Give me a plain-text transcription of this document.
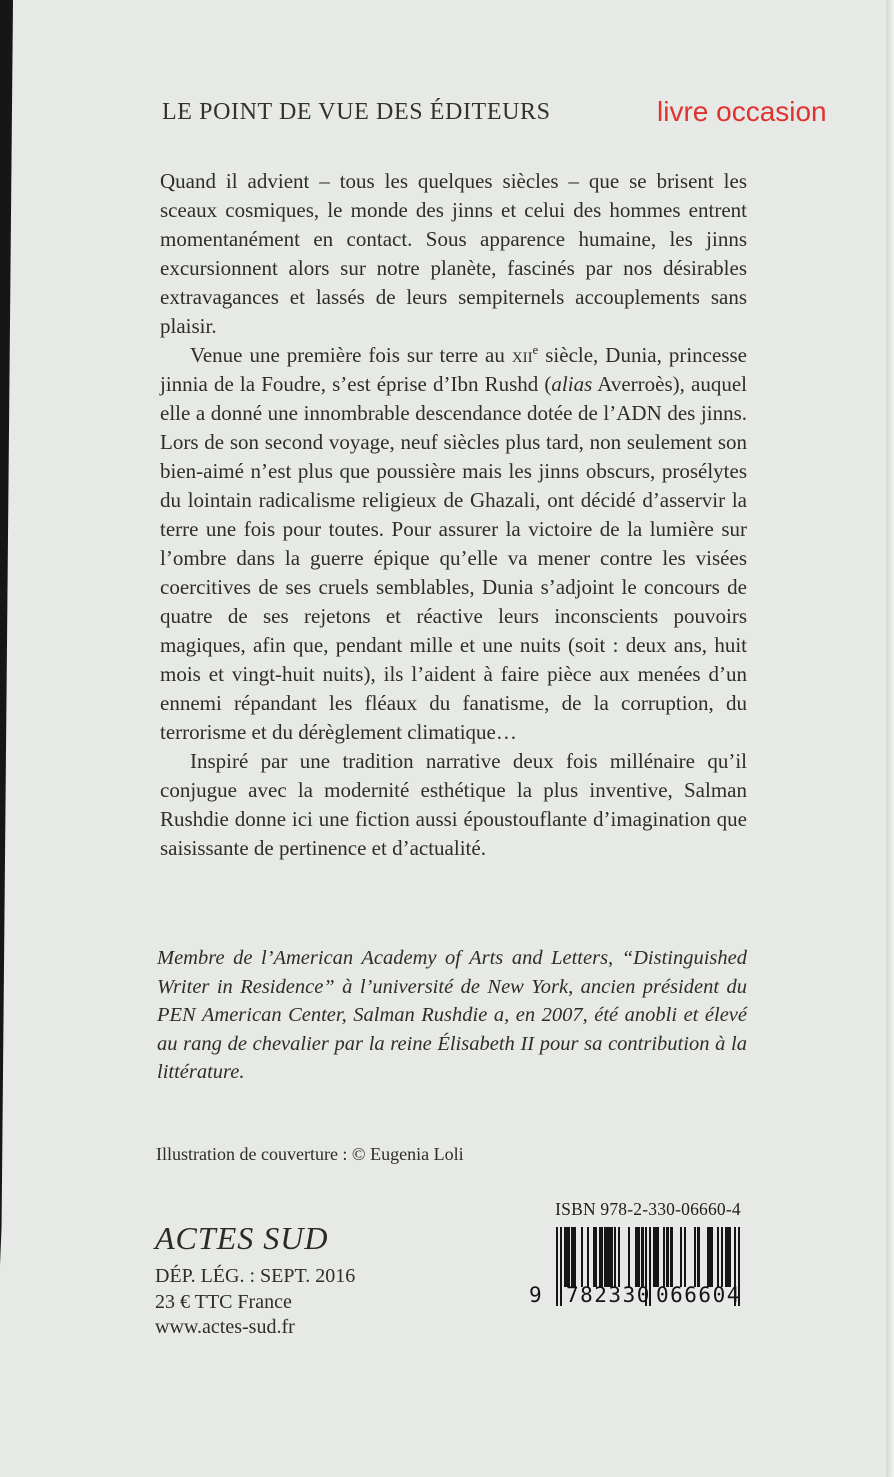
livre occasion
LE POINT DE VUE DES ÉDITEURS

Quand il advient – tous les quelques siècles – que se brisent les sceaux cosmiques, le monde des jinns et celui des hommes entrent momentanément en contact. Sous apparence humaine, les jinns excursionnent alors sur notre planète, fascinés par nos désirables extravagances et lassés de leurs sempiternels accouplements sans plaisir.

Venue une première fois sur terre au xii$^e$ siècle, Dunia, princesse jinnia de la Foudre, s’est éprise d’Ibn Rushd (alias Averroès), auquel elle a donné une innombrable descendance dotée de l’ADN des jinns. Lors de son second voyage, neuf siècles plus tard, non seulement son bien-aimé n’est plus que poussière mais les jinns obscurs, prosélytes du lointain radicalisme religieux de Ghazali, ont décidé d’asservir la terre une fois pour toutes. Pour assurer la victoire de la lumière sur l’ombre dans la guerre épique qu’elle va mener contre les visées coercitives de ses cruels semblables, Dunia s’adjoint le concours de quatre de ses rejetons et réactive leurs inconscients pouvoirs magiques, afin que, pendant mille et une nuits (soit : deux ans, huit mois et vingt-huit nuits), ils l’aident à faire pièce aux menées d’un ennemi répandant les fléaux du fanatisme, de la corruption, du terrorisme et du dérèglement climatique…

Inspiré par une tradition narrative deux fois millénaire qu’il conjugue avec la modernité esthétique la plus inventive, Salman Rushdie donne ici une fiction aussi époustouflante d’imagination que saisissante de pertinence et d’actualité.

Membre de l’American Academy of Arts and Letters, “Distinguished Writer in Residence” à l’université de New York, ancien président du PEN American Center, Salman Rushdie a, en 2007, été anobli et élevé au rang de chevalier par la reine Élisabeth II pour sa contribution à la littérature.
Illustration de couverture : © Eugenia Loli
ACTES SUD
DÉP. LÉG. : SEPT. 2016
23 € TTC France
www.actes-sud.fr
ISBN 978-2-330-06660-4
9 782330 066604
